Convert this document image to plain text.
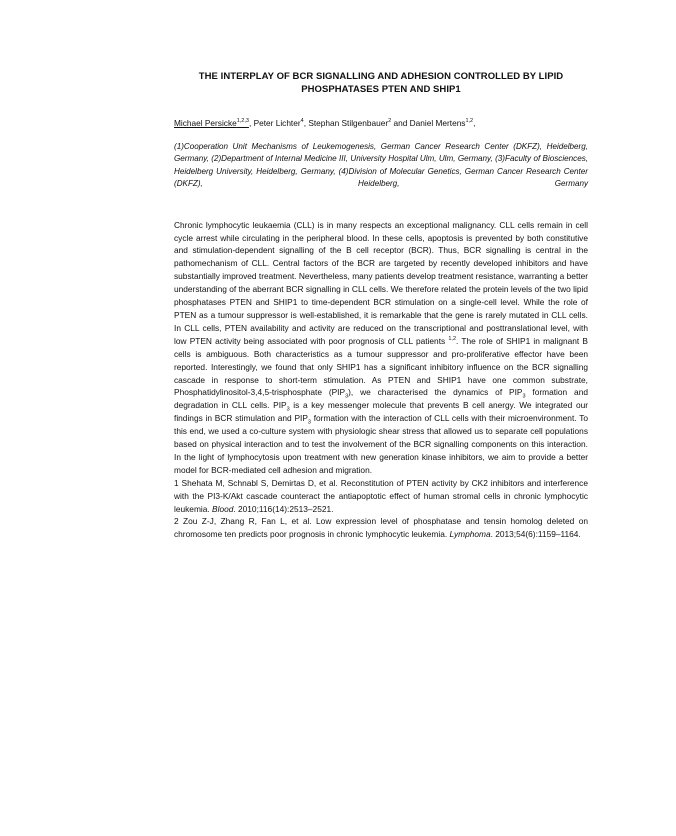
THE INTERPLAY OF BCR SIGNALLING AND ADHESION CONTROLLED BY LIPID PHOSPHATASES PTEN AND SHIP1

Michael Persicke$^{1,2,3}$, Peter Lichter$^4$, Stephan Stilgenbauer$^2$ and Daniel Mertens$^{1,2}$,

(1)Cooperation Unit Mechanisms of Leukemogenesis, German Cancer Research Center (DKFZ), Heidelberg, Germany, (2)Department of Internal Medicine III, University Hospital Ulm, Ulm, Germany, (3)Faculty of Biosciences, Heidelberg University, Heidelberg, Germany, (4)Division of Molecular Genetics, German Cancer Research Center (DKFZ), Heidelberg, Germany

Chronic lymphocytic leukaemia (CLL) is in many respects an exceptional malignancy. CLL cells remain in cell cycle arrest while circulating in the peripheral blood. In these cells, apoptosis is prevented by both constitutive and stimulation-dependent signalling of the B cell receptor (BCR). Thus, BCR signalling is central in the pathomechanism of CLL. Central factors of the BCR are targeted by recently developed inhibitors and have substantially improved treatment. Nevertheless, many patients develop treatment resistance, warranting a better understanding of the aberrant BCR signalling in CLL cells. We therefore related the protein levels of the two lipid phosphatases PTEN and SHIP1 to time-dependent BCR stimulation on a single-cell level. While the role of PTEN as a tumour suppressor is well-established, it is remarkable that the gene is rarely mutated in CLL cells. In CLL cells, PTEN availability and activity are reduced on the transcriptional and posttranslational level, with low PTEN activity being associated with poor prognosis of CLL patients $^{1,2}$. The role of SHIP1 in malignant B cells is ambiguous. Both characteristics as a tumour suppressor and pro-proliferative effector have been reported. Interestingly, we found that only SHIP1 has a significant inhibitory influence on the BCR signalling cascade in response to short-term stimulation. As PTEN and SHIP1 have one common substrate, Phosphatidylinositol-3,4,5-trisphosphate $(PIP_3)$, we characterised the dynamics of $PIP_3$ formation and degradation in CLL cells. $PIP_3$ is a key messenger molecule that prevents B cell anergy. We integrated our findings in BCR stimulation and $PIP_3$ formation with the interaction of CLL cells with their microenvironment. To this end, we used a co-culture system with physiologic shear stress that allowed us to separate cell populations based on physical interaction and to test the involvement of the BCR signalling components on this interaction. In the light of lymphocytosis upon treatment with new generation kinase inhibitors, we aim to provide a better model for BCR-mediated cell adhesion and migration.

1 Shehata M, Schnabl S, Demirtas D, et al. Reconstitution of PTEN activity by CK2 inhibitors and interference with the PI3-K/Akt cascade counteract the antiapoptotic effect of human stromal cells in chronic lymphocytic leukemia. Blood. 2010;116(14):2513–2521.

2 Zou Z-J, Zhang R, Fan L, et al. Low expression level of phosphatase and tensin homolog deleted on chromosome ten predicts poor prognosis in chronic lymphocytic leukemia. Lymphoma. 2013;54(6):1159–1164.
